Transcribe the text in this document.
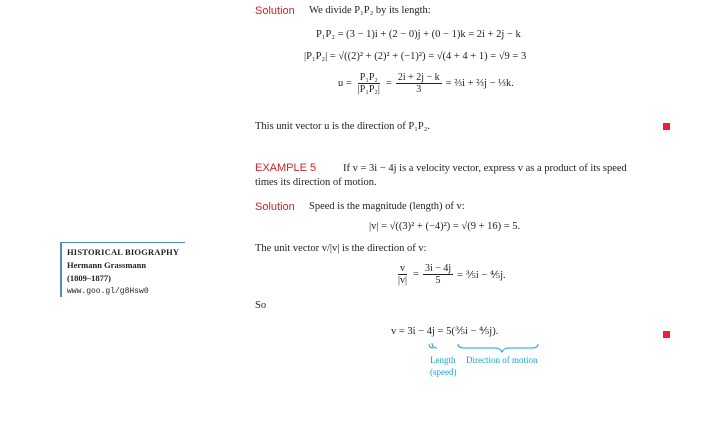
Solution We divide P₁P₂ by its length:
P₁P₂ = (3 − 1)i + (2 − 0)j + (0 − 1)k = 2i + 2j − k
|P₁P₂| = √((2)² + (2)² + (−1)²) = √(4 + 4 + 1) = √9 = 3
$u = \frac{\text{P₁P₂}}{\text{|P₁P₂|}} = \frac{2i + 2j - k}{3}$ = ⅔i + ⅔j − ⅓k.
This unit vector u is the direction of P₁P₂.
EXAMPLE 5	If v = 3i − 4j is a velocity vector, express v as a product of its speed
times its direction of motion.
Solution Speed is the magnitude (length) of v:
|v| = √((3)² + (−4)²) = √(9 + 16) = 5.
The unit vector v/|v| is the direction of v:
$\frac{v}{|v|} = \frac{3i - 4j}{5}$ = ⅗i − ⅘j.
So
v = 3i − 4j = 5(⅗i − ⅘j).
Length
(speed)
Direction of motion
HISTORICAL BIOGRAPHY
Hermann Grassmann
(1809–1877)
www.goo.gl/g8Hsw0
